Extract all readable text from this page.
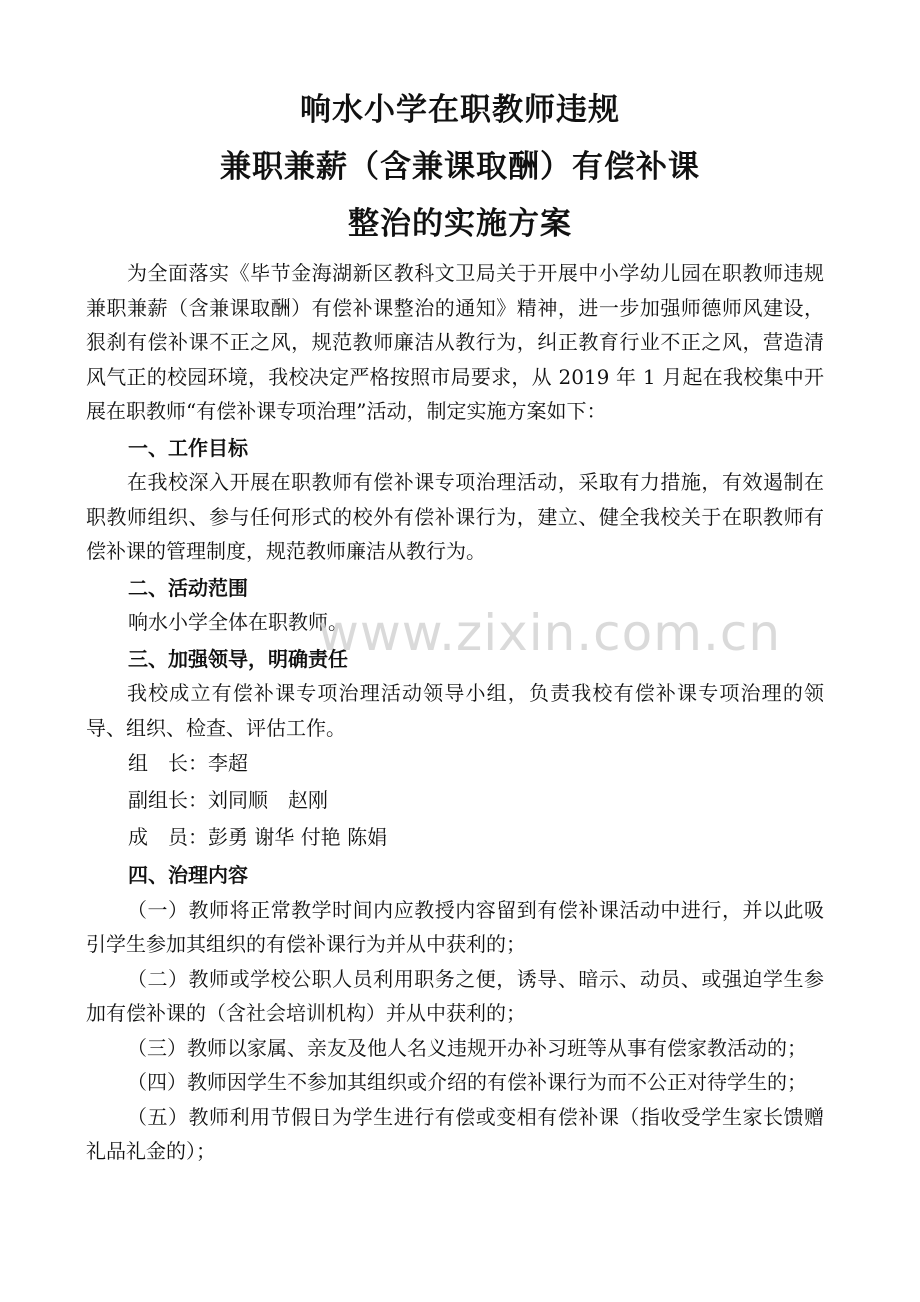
响水小学在职教师违规
兼职兼薪（含兼课取酬）有偿补课
整治的实施方案

为全面落实《毕节金海湖新区教科文卫局关于开展中小学幼儿园在职教师违规兼职兼薪（含兼课取酬）有偿补课整治的通知》精神，进一步加强师德师风建设，狠刹有偿补课不正之风，规范教师廉洁从教行为，纠正教育行业不正之风，营造清风气正的校园环境，我校决定严格按照市局要求，从 2019 年 1 月起在我校集中开展在职教师“有偿补课专项治理”活动，制定实施方案如下：

一、工作目标

在我校深入开展在职教师有偿补课专项治理活动，采取有力措施，有效遏制在职教师组织、参与任何形式的校外有偿补课行为，建立、健全我校关于在职教师有偿补课的管理制度，规范教师廉洁从教行为。

二、活动范围

响水小学全体在职教师。

三、加强领导，明确责任

我校成立有偿补课专项治理活动领导小组，负责我校有偿补课专项治理的领导、组织、检查、评估工作。

组　长：李超

副组长：刘同顺　赵刚

成　员：彭勇 谢华 付艳 陈娟

四、治理内容

（一）教师将正常教学时间内应教授内容留到有偿补课活动中进行，并以此吸引学生参加其组织的有偿补课行为并从中获利的；

（二）教师或学校公职人员利用职务之便，诱导、暗示、动员、或强迫学生参加有偿补课的（含社会培训机构）并从中获利的；

（三）教师以家属、亲友及他人名义违规开办补习班等从事有偿家教活动的；

（四）教师因学生不参加其组织或介绍的有偿补课行为而不公正对待学生的；

（五）教师利用节假日为学生进行有偿或变相有偿补课（指收受学生家长馈赠礼品礼金的）；

www.zixin.com.cn
